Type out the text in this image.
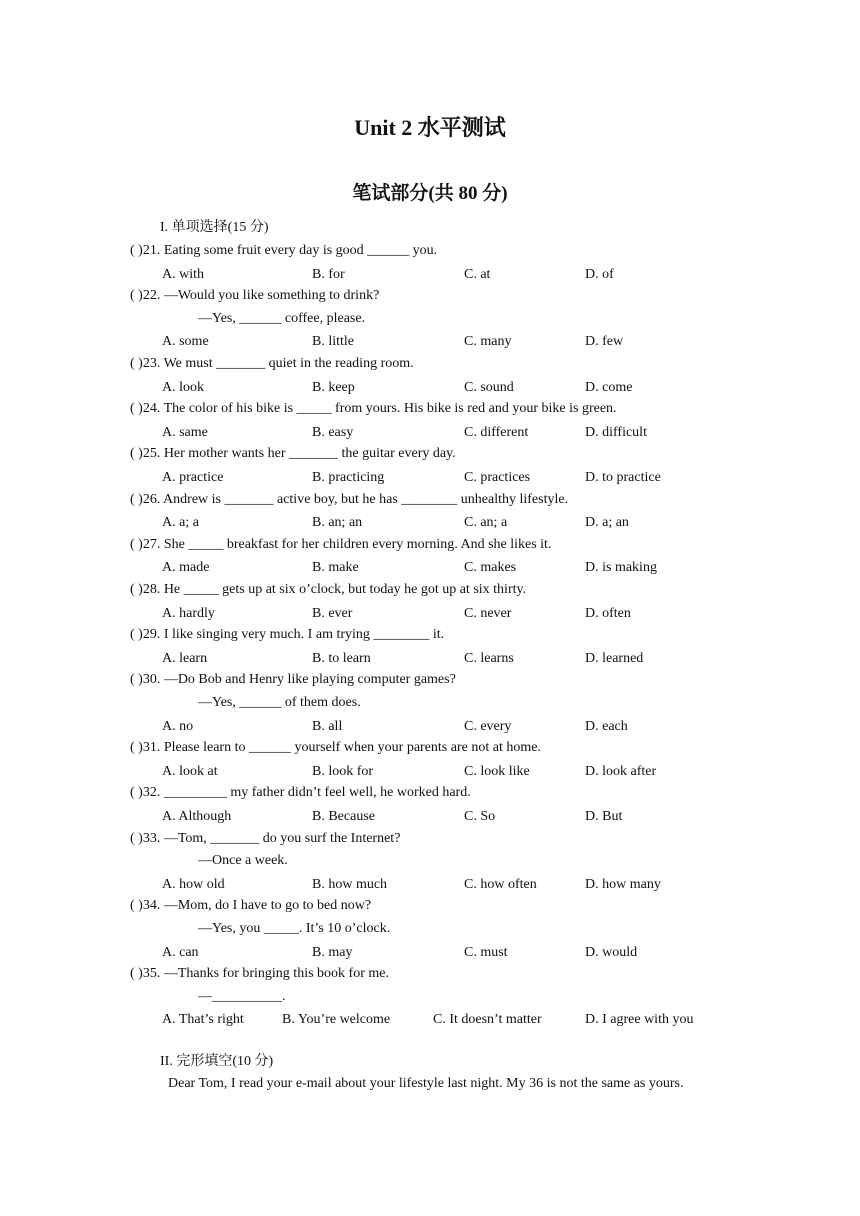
Unit 2 水平测试
笔试部分(共 80 分)
I. 单项选择(15 分)
( )21. Eating some fruit every day is good ______ you.
A. with	B. for	C. at	D. of
( )22. —Would you like something to drink?
—Yes, ______ coffee, please.
A. some	B. little	C. many	D. few
( )23. We must _______ quiet in the reading room.
A. look	B. keep	C. sound	D. come
( )24. The color of his bike is _____ from yours. His bike is red and your bike is green.
A. same	B. easy	C. different	D. difficult
( )25. Her mother wants her _______ the guitar every day.
A. practice	B. practicing	C. practices	D. to practice
( )26. Andrew is _______ active boy, but he has ________ unhealthy lifestyle.
A. a; a	B. an; an	C. an; a	D. a; an
( )27. She _____ breakfast for her children every morning. And she likes it.
A. made	B. make	C. makes	D. is making
( )28. He _____ gets up at six o’clock, but today he got up at six thirty.
A. hardly	B. ever	C. never	D. often
( )29. I like singing very much. I am trying ________ it.
A. learn	B. to learn	C. learns	D. learned
( )30. —Do Bob and Henry like playing computer games?
—Yes, ______ of them does.
A. no	B. all	C. every	D. each
( )31. Please learn to ______ yourself when your parents are not at home.
A. look at	B. look for	C. look like	D. look after
( )32. _________ my father didn’t feel well, he worked hard.
A. Although	B. Because	C. So	D. But
( )33. —Tom, _______ do you surf the Internet?
—Once a week.
A. how old	B. how much	C. how often	D. how many
( )34. —Mom, do I have to go to bed now?
—Yes, you _____. It’s 10 o’clock.
A. can	B. may	C. must	D. would
( )35. —Thanks for bringing this book for me.
—__________.
A. That’s right	B. You’re welcome	C. It doesn’t matter	D. I agree with you
II. 完形填空(10 分)
Dear Tom, I read your e-mail about your lifestyle last night. My 36 is not the same as yours.
